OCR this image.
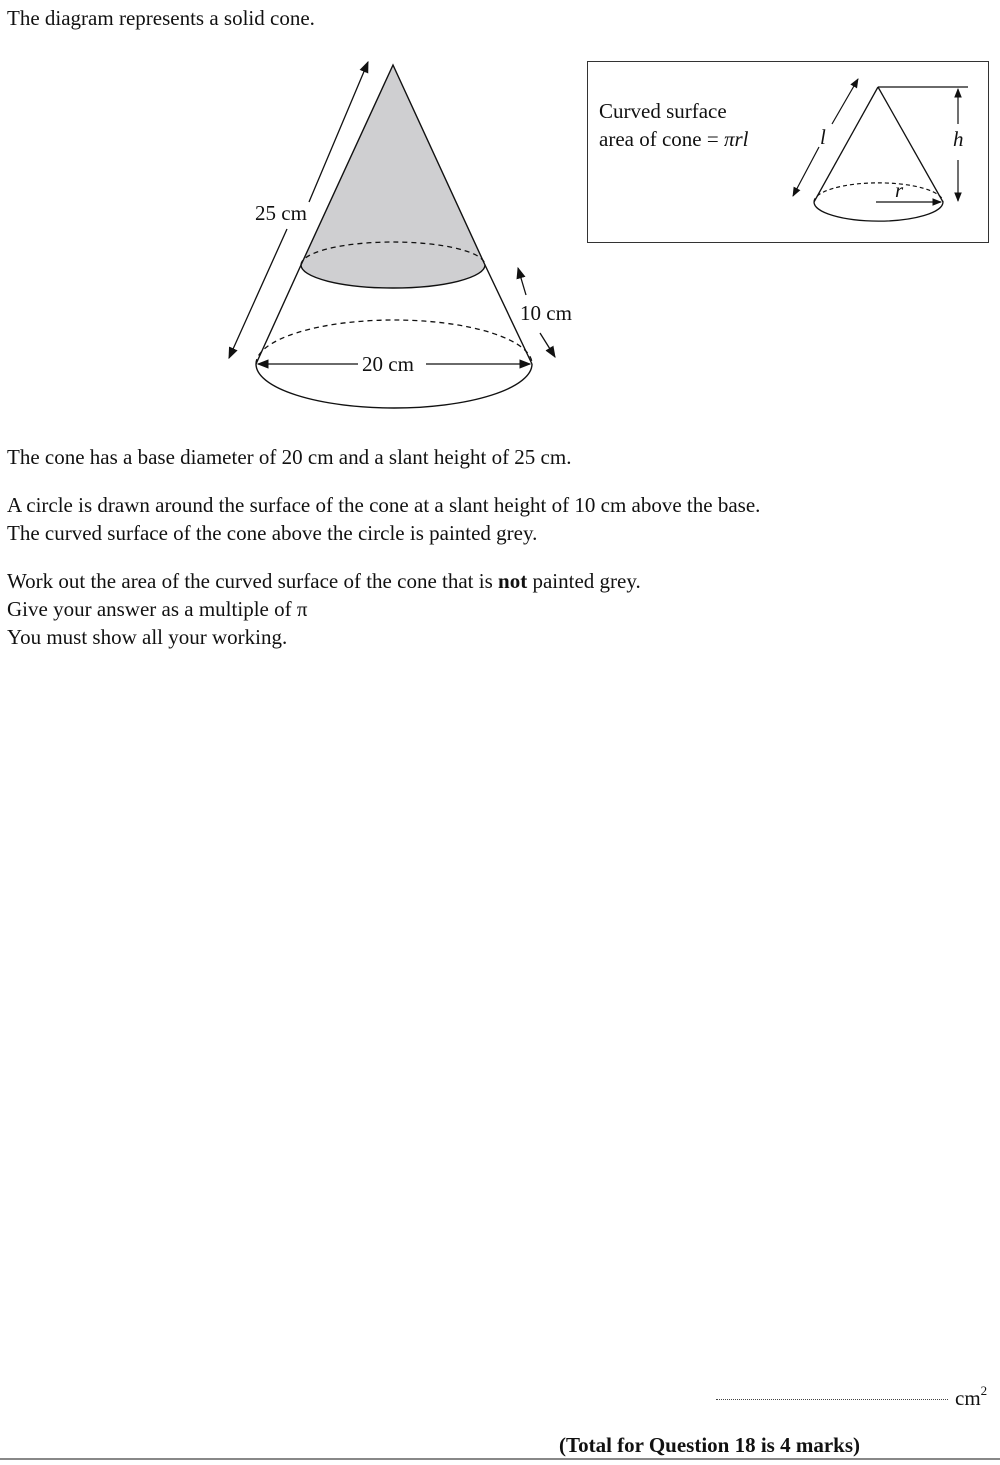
The diagram represents a solid cone.
25 cm
10 cm
20 cm
Curved surface
area of cone = πrl	h
l
r
The cone has a base diameter of 20 cm and a slant height of 25 cm.
A circle is drawn around the surface of the cone at a slant height of 10 cm above the base.
The curved surface of the cone above the circle is painted grey.
Work out the area of the curved surface of the cone that is not painted grey.
Give your answer as a multiple of π
You must show all your working.
$cm^2$
(Total for Question 18 is 4 marks)
